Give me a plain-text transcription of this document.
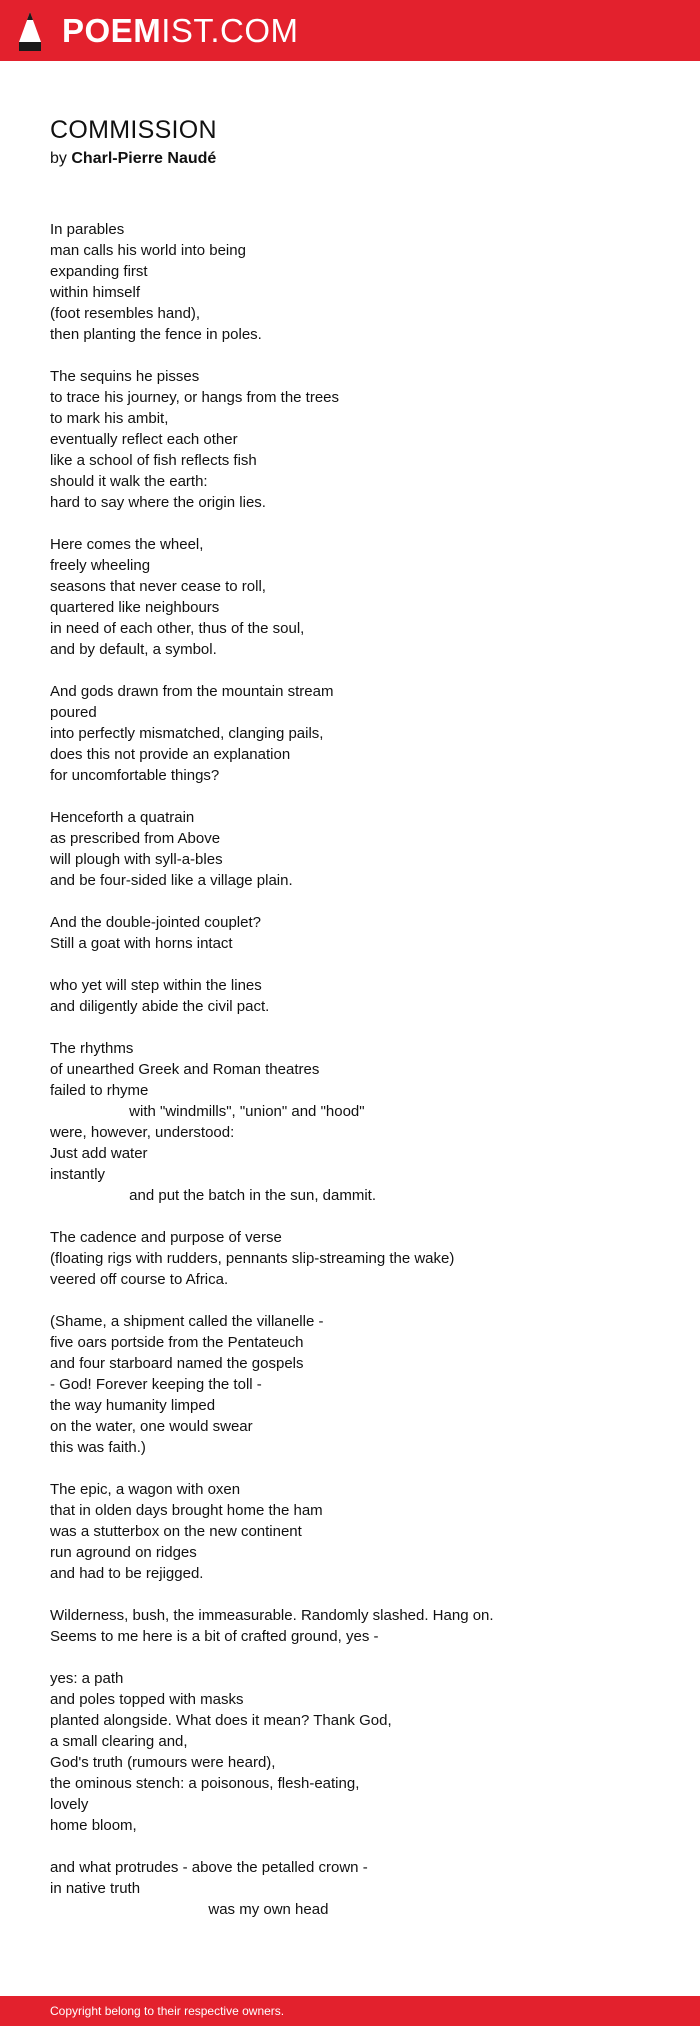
POEMIST.COM
COMMISSION
by Charl-Pierre Naudé
In parables
man calls his world into being
expanding first
within himself
(foot resembles hand),
then planting the fence in poles.
The sequins he pisses
to trace his journey, or hangs from the trees
to mark his ambit,
eventually reflect each other
like a school of fish reflects fish
should it walk the earth:
hard to say where the origin lies.
Here comes the wheel,
freely wheeling
seasons that never cease to roll,
quartered like neighbours
in need of each other, thus of the soul,
and by default, a symbol.
And gods drawn from the mountain stream
poured
into perfectly mismatched, clanging pails,
does this not provide an explanation
for uncomfortable things?
Henceforth a quatrain
as prescribed from Above
will plough with syll-a-bles
and be four-sided like a village plain.
And the double-jointed couplet?
Still a goat with horns intact
who yet will step within the lines
and diligently abide the civil pact.
The rhythms
of unearthed Greek and Roman theatres
failed to rhyme
with "windmills", "union" and "hood"
were, however, understood:
Just add water
instantly
and put the batch in the sun, dammit.
The cadence and purpose of verse
(floating rigs with rudders, pennants slip-streaming the wake)
veered off course to Africa.
(Shame, a shipment called the villanelle -
five oars portside from the Pentateuch
and four starboard named the gospels
- God! Forever keeping the toll -
the way humanity limped
on the water, one would swear
this was faith.)
The epic, a wagon with oxen
that in olden days brought home the ham
was a stutterbox on the new continent
run aground on ridges
and had to be rejigged.
Wilderness, bush, the immeasurable. Randomly slashed. Hang on.
Seems to me here is a bit of crafted ground, yes -
yes: a path
and poles topped with masks
planted alongside. What does it mean? Thank God,
a small clearing and,
God's truth (rumours were heard),
the ominous stench: a poisonous, flesh-eating,
lovely
home bloom,
and what protrudes - above the petalled crown -
in native truth
was my own head
Copyright belong to their respective owners.
